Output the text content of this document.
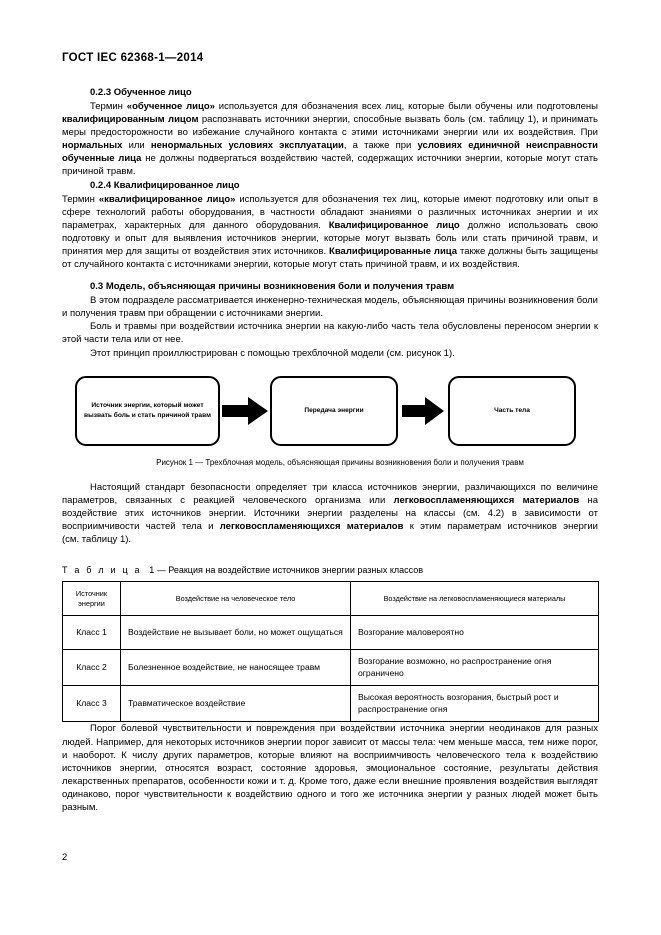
ГОСТ IEC 62368-1—2014
0.2.3 Обученное лицо

Термин «обученное лицо» используется для обозначения всех лиц, которые были обучены или подготовлены квалифицированным лицом распознавать источники энергии, способные вызвать боль (см. таблицу 1), и принимать меры предосторожности во избежание случайного контакта с этими источниками энергии или их воздействия. При нормальных или ненормальных условиях эксплуатации, а также при условиях единичной неисправности обученные лица не должны подвергаться воздействию частей, содержащих источники энергии, которые могут стать причиной травм.

0.2.4 Квалифицированное лицо

Термин «квалифицированное лицо» используется для обозначения тех лиц, которые имеют подготовку или опыт в сфере технологий работы оборудования, в частности обладают знаниями о различных источниках энергии и их параметрах, характерных для данного оборудования. Квалифицированное лицо должно использовать свою подготовку и опыт для выявления источников энергии, которые могут вызвать боль или стать причиной травм, и принятия мер для защиты от воздействия этих источников. Квалифицированные лица также должны быть защищены от случайного контакта с источниками энергии, которые могут стать причиной травм, и их воздействия.

0.3 Модель, объясняющая причины возникновения боли и получения травм

В этом подразделе рассматривается инженерно-техническая модель, объясняющая причины возникновения боли и получения травм при обращении с источниками энергии.

Боль и травмы при воздействии источника энергии на какую-либо часть тела обусловлены переносом энергии к этой части тела или от нее.

Этот принцип проиллюстрирован с помощью трехблочной модели (см. рисунок 1).

Источник энергии, который может вызвать боль и стать причиной травм
Передача энергии	Часть тела
Рисунок 1 — Трехблочная модель, объясняющая причины возникновения боли и получения травм

Настоящий стандарт безопасности определяет три класса источников энергии, различающихся по величине параметров, связанных с реакцией человеческого организма или легковоспламеняющихся материалов на воздействие этих источников энергии. Источники энергии разделены на классы (см. 4.2) в зависимости от восприимчивости частей тела и легковоспламеняющихся материалов к этим параметрам источников энергии (см. таблицу 1).

Т а б л и ц а 1 — Реакция на воздействие источников энергии разных классов
Источник энергии	Воздействие на человеческое тело	Воздействие на легковоспламеняющиеся материалы
Класс 1	Воздействие не вызывает боли, но может ощущаться	Возгорание маловероятно
Класс 2	Болезненное воздействие, не наносящее травм	Возгорание возможно, но распространение огня ограничено
Класс 3	Травматическое воздействие	Высокая вероятность возгорания, быстрый рост и распространение огня

Порог болевой чувствительности и повреждения при воздействии источника энергии неодинаков для разных людей. Например, для некоторых источников энергии порог зависит от массы тела: чем меньше масса, тем ниже порог, и наоборот. К числу других параметров, которые влияют на восприимчивость человеческого тела к воздействию источников энергии, относятся возраст, состояние здоровья, эмоциональное состояние, результаты действия лекарственных препаратов, особенности кожи и т. д. Кроме того, даже если внешние проявления воздействия выглядят одинаково, порог чувствительности к воздействию одного и того же источника энергии у разных людей может быть разным.

2
